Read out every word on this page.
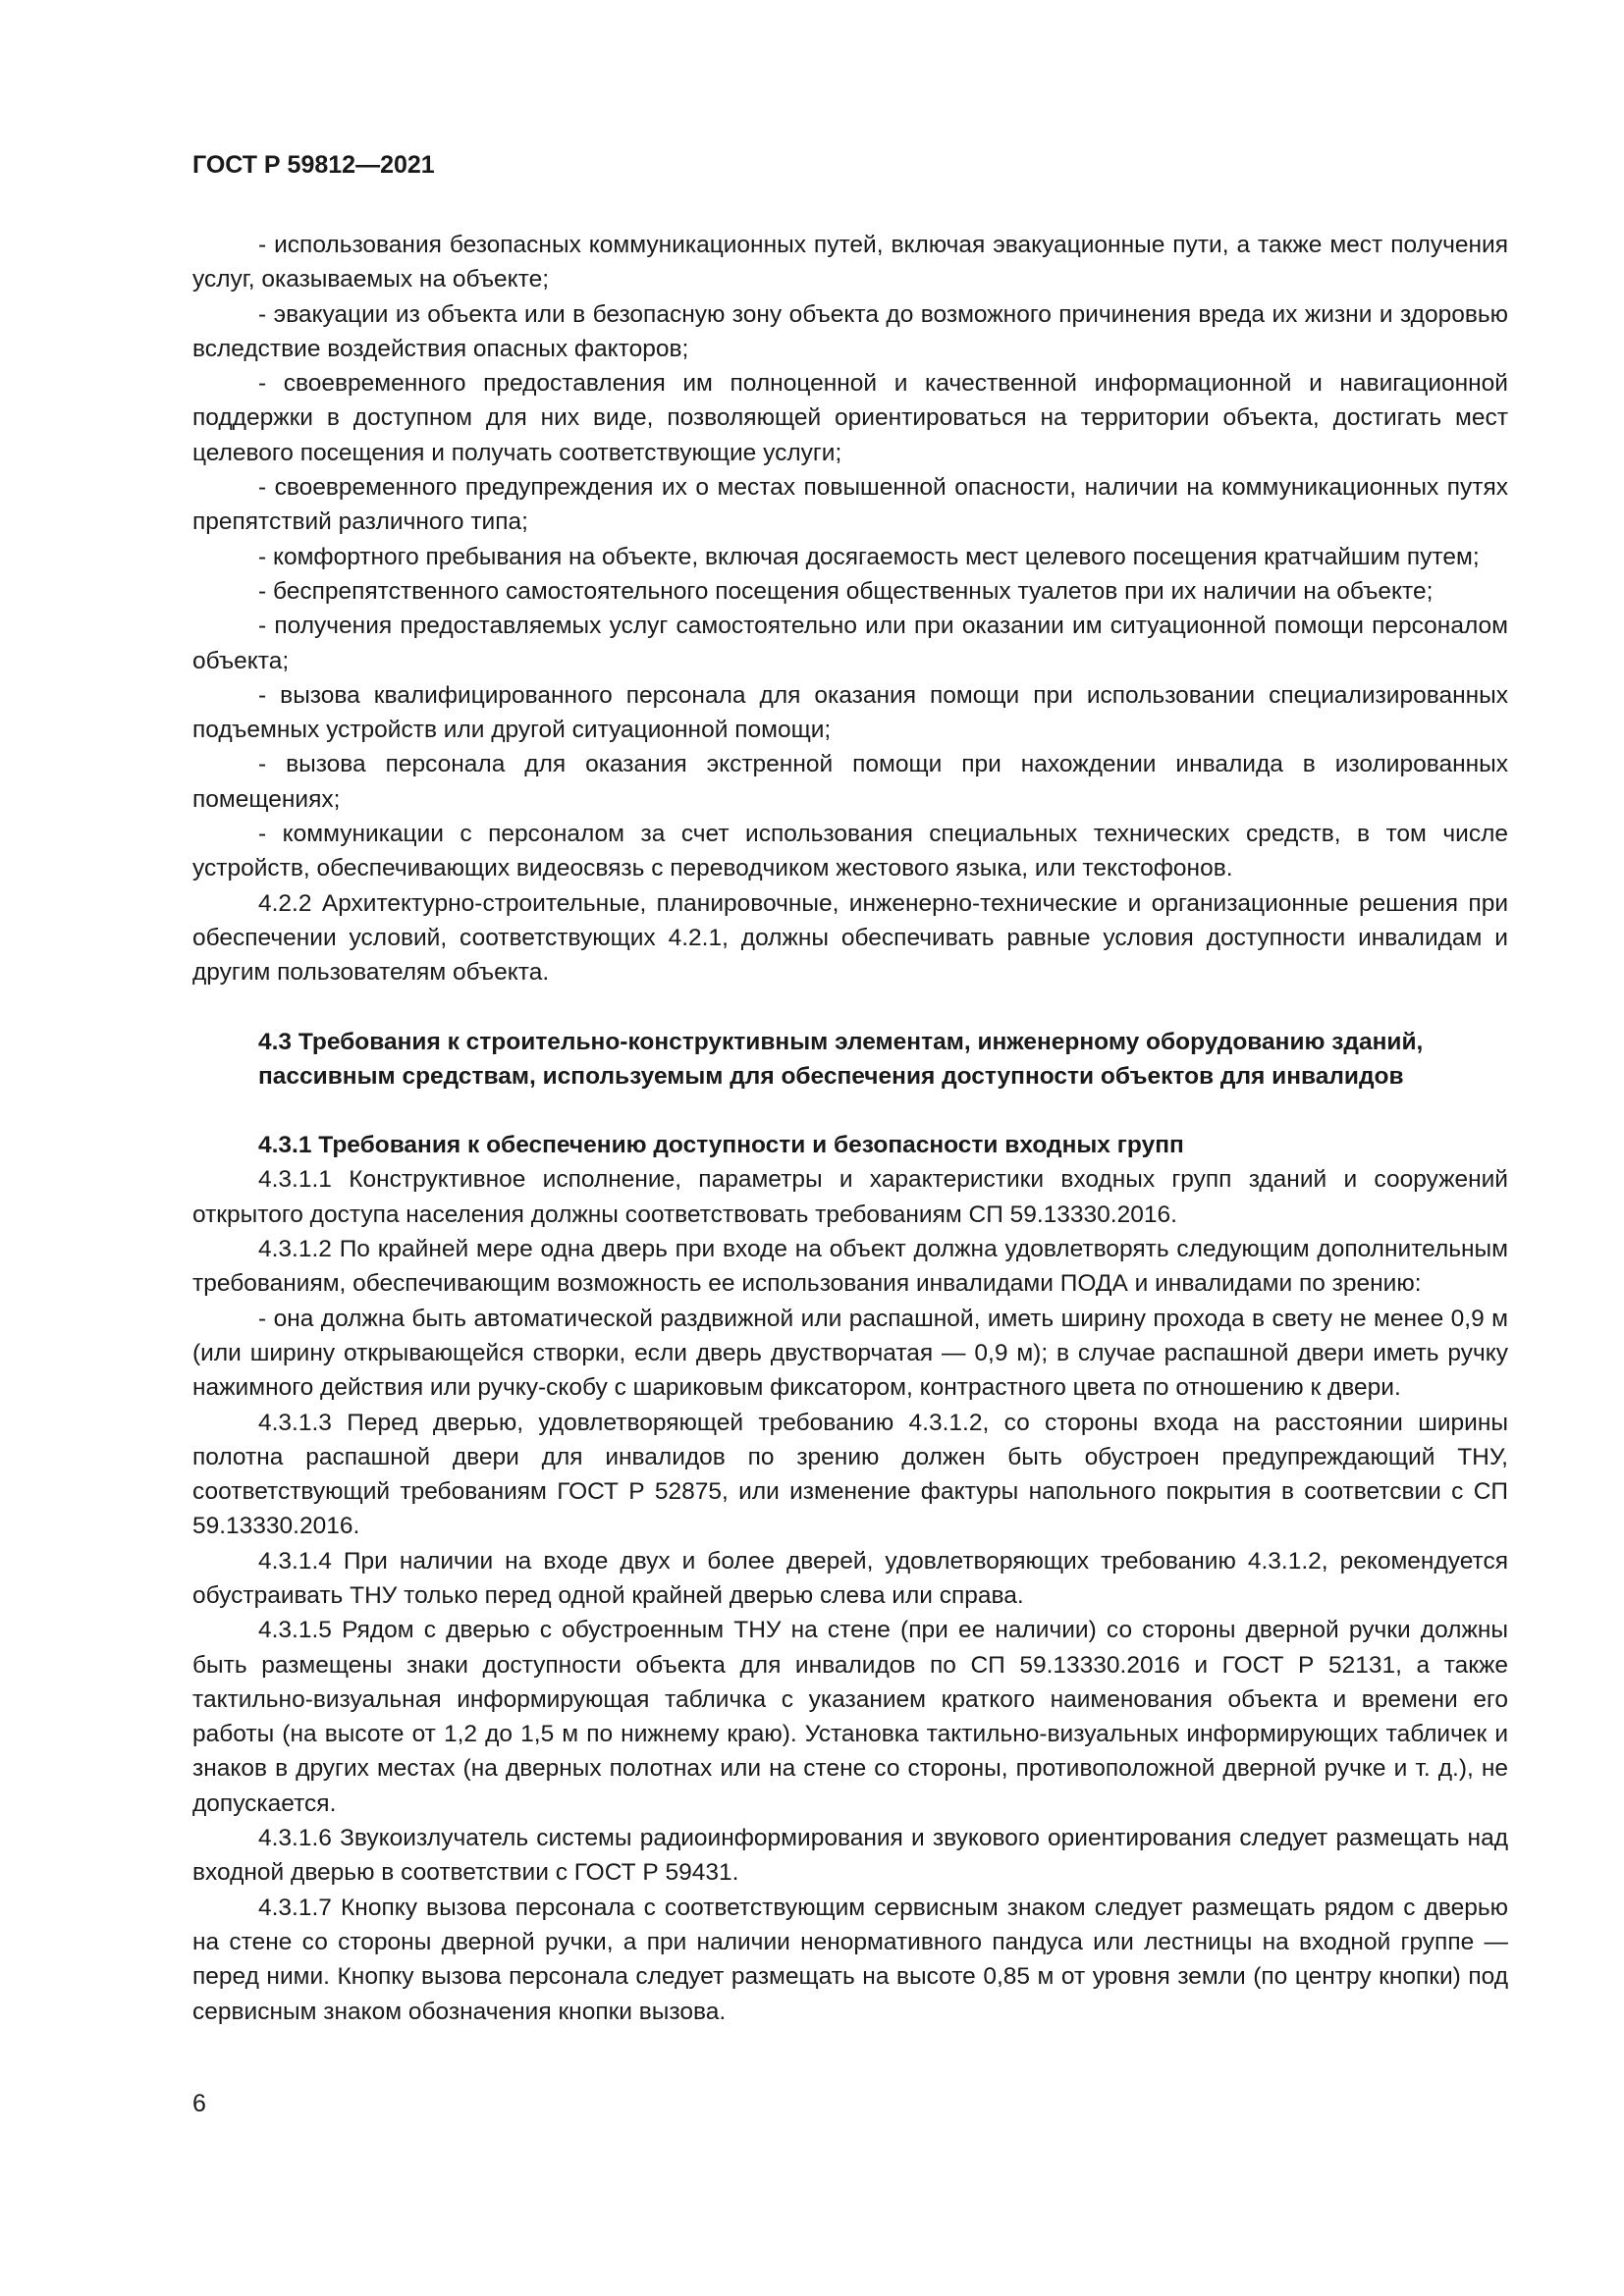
ГОСТ Р 59812—2021

- использования безопасных коммуникационных путей, включая эвакуационные пути, а также мест получения услуг, оказываемых на объекте;

- эвакуации из объекта или в безопасную зону объекта до возможного причинения вреда их жизни и здоровью вследствие воздействия опасных факторов;

- своевременного предоставления им полноценной и качественной информационной и навигационной поддержки в доступном для них виде, позволяющей ориентироваться на территории объекта, достигать мест целевого посещения и получать соответствующие услуги;

- своевременного предупреждения их о местах повышенной опасности, наличии на коммуникационных путях препятствий различного типа;

- комфортного пребывания на объекте, включая досягаемость мест целевого посещения кратчайшим путем;

- беспрепятственного самостоятельного посещения общественных туалетов при их наличии на объекте;

- получения предоставляемых услуг самостоятельно или при оказании им ситуационной помощи персоналом объекта;

- вызова квалифицированного персонала для оказания помощи при использовании специализированных подъемных устройств или другой ситуационной помощи;

- вызова персонала для оказания экстренной помощи при нахождении инвалида в изолированных помещениях;

- коммуникации с персоналом за счет использования специальных технических средств, в том числе устройств, обеспечивающих видеосвязь с переводчиком жестового языка, или текстофонов.

4.2.2 Архитектурно-строительные, планировочные, инженерно-технические и организационные решения при обеспечении условий, соответствующих 4.2.1, должны обеспечивать равные условия доступности инвалидам и другим пользователям объекта.

4.3 Требования к строительно-конструктивным элементам, инженерному оборудованию зданий, пассивным средствам, используемым для обеспечения доступности объектов для инвалидов

4.3.1 Требования к обеспечению доступности и безопасности входных групп

4.3.1.1 Конструктивное исполнение, параметры и характеристики входных групп зданий и сооружений открытого доступа населения должны соответствовать требованиям СП 59.13330.2016.

4.3.1.2 По крайней мере одна дверь при входе на объект должна удовлетворять следующим дополнительным требованиям, обеспечивающим возможность ее использования инвалидами ПОДА и инвалидами по зрению:

- она должна быть автоматической раздвижной или распашной, иметь ширину прохода в свету не менее 0,9 м (или ширину открывающейся створки, если дверь двустворчатая — 0,9 м); в случае распашной двери иметь ручку нажимного действия или ручку-скобу с шариковым фиксатором, контрастного цвета по отношению к двери.

4.3.1.3 Перед дверью, удовлетворяющей требованию 4.3.1.2, со стороны входа на расстоянии ширины полотна распашной двери для инвалидов по зрению должен быть обустроен предупреждающий ТНУ, соответствующий требованиям ГОСТ Р 52875, или изменение фактуры напольного покрытия в соответсвии с СП 59.13330.2016.

4.3.1.4 При наличии на входе двух и более дверей, удовлетворяющих требованию 4.3.1.2, рекомендуется обустраивать ТНУ только перед одной крайней дверью слева или справа.

4.3.1.5 Рядом с дверью с обустроенным ТНУ на стене (при ее наличии) со стороны дверной ручки должны быть размещены знаки доступности объекта для инвалидов по СП 59.13330.2016 и ГОСТ Р 52131, а также тактильно-визуальная информирующая табличка с указанием краткого наименования объекта и времени его работы (на высоте от 1,2 до 1,5 м по нижнему краю). Установка тактильно-визуальных информирующих табличек и знаков в других местах (на дверных полотнах или на стене со стороны, противоположной дверной ручке и т. д.), не допускается.

4.3.1.6 Звукоизлучатель системы радиоинформирования и звукового ориентирования следует размещать над входной дверью в соответствии с ГОСТ Р 59431.

4.3.1.7 Кнопку вызова персонала с соответствующим сервисным знаком следует размещать рядом с дверью на стене со стороны дверной ручки, а при наличии ненормативного пандуса или лестницы на входной группе — перед ними. Кнопку вызова персонала следует размещать на высоте 0,85 м от уровня земли (по центру кнопки) под сервисным знаком обозначения кнопки вызова.

6
